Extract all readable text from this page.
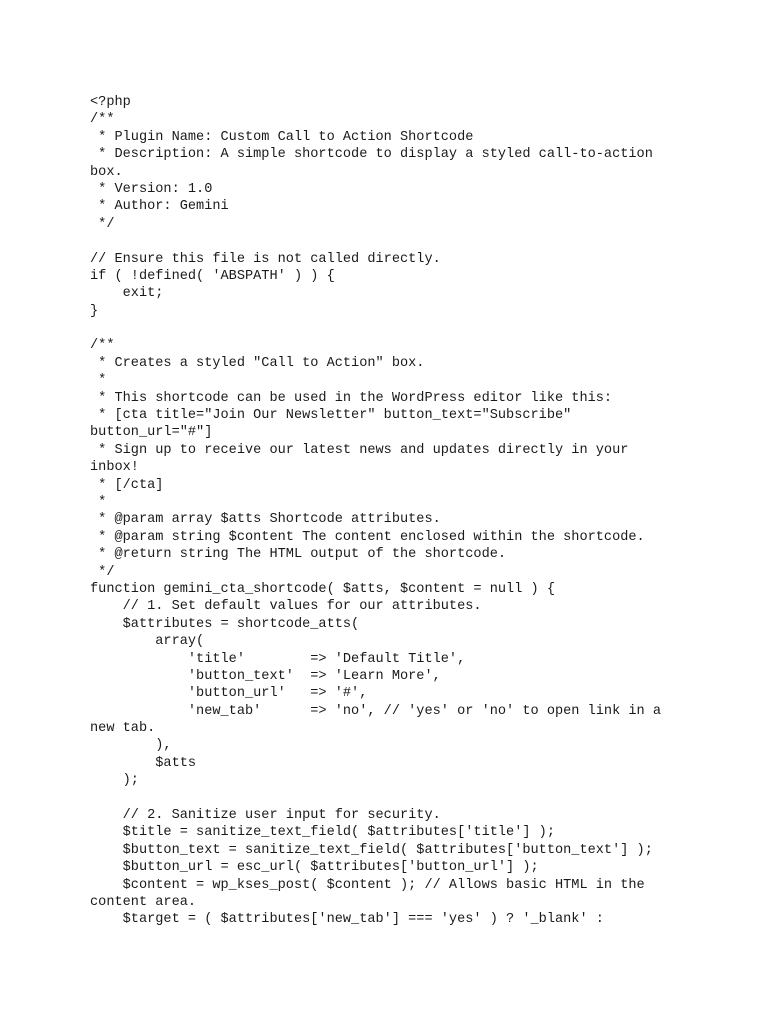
<?php
/**
* Plugin Name: Custom Call to Action Shortcode
* Description: A simple shortcode to display a styled call-to-action
box.
* Version: 1.0
* Author: Gemini
*/
// Ensure this file is not called directly.
if ( !defined( 'ABSPATH' ) ) {
exit;
}
/**
* Creates a styled "Call to Action" box.
*
* This shortcode can be used in the WordPress editor like this:
* [cta title="Join Our Newsletter" button_text="Subscribe"
button_url="#"]
* Sign up to receive our latest news and updates directly in your
inbox!
* [/cta]
*
* @param array $atts Shortcode attributes.
* @param string $content The content enclosed within the shortcode.
* @return string The HTML output of the shortcode.
*/
function gemini_cta_shortcode( $atts, $content = null ) {
// 1. Set default values for our attributes.
$attributes = shortcode_atts(
array(
'title'        => 'Default Title',
'button_text'  => 'Learn More',
'button_url'   => '#',
'new_tab'      => 'no', // 'yes' or 'no' to open link in a
new tab.
),
$atts
);
// 2. Sanitize user input for security.
$title = sanitize_text_field( $attributes['title'] );
$button_text = sanitize_text_field( $attributes['button_text'] );
$button_url = esc_url( $attributes['button_url'] );
$content = wp_kses_post( $content ); // Allows basic HTML in the
content area.
$target = ( $attributes['new_tab'] === 'yes' ) ? '_blank' :
